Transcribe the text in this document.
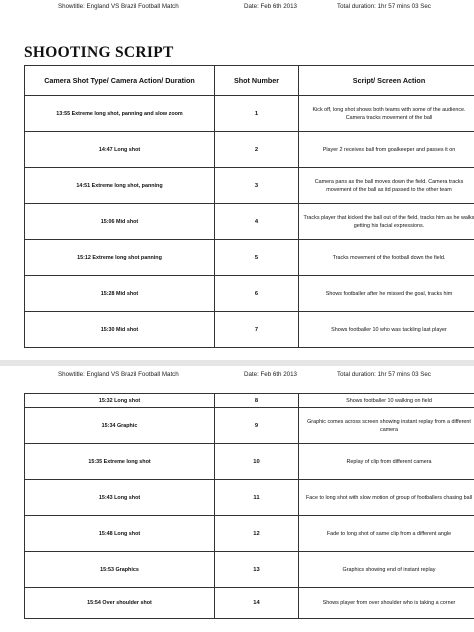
Showtitle: England VS Brazil Football Match	Date: Feb 6th 2013	Total duration: 1hr 57 mins 03 Sec
SHOOTING SCRIPT
Camera Shot Type/ Camera Action/ Duration	Shot Number	Script/ Screen Action
13:55 Extreme long shot, panning and slow zoom	1	Kick off, long shot shows both teams with some of the audience. Camera tracks movement of the ball
14:47 Long shot	2	Player 2 receives ball from goalkeeper and passes it on
14:51 Extreme long shot, panning	3	Camera pans as the ball moves down the field. Camera tracks movement of the ball as itd passed to the other team
15:06 Mid shot	4	Tracks player that kicked the ball out of the field, tracks him as he walks getting his facial expressions.
15:12 Extreme long shot panning	5	Tracks movement of the football down the field.
15:28 Mid shot	6	Shows footballer after he missed the goal, tracks him
15:30 Mid shot	7	Shows footballer 10 who was tackling last player
Showtitle: England VS Brazil Football Match	Date: Feb 6th 2013	Total duration: 1hr 57 mins 03 Sec
15:32 Long shot	8	Shows footballer 10 walking on field
15:34 Graphic	9	Graphic comes across screen showing instant replay from a different camera
15:35 Extreme long shot	10	Replay of clip from different camera
15:43 Long shot	11	Face to long shot with slow motion of group of footballers chasing ball
15:48 Long shot	12	Fade to long shot of same clip from a different angle
15:53 Graphics	13	Graphics showing end of instant replay
15:54 Over shoulder shot	14	Shows player from over shoulder who is taking a corner
